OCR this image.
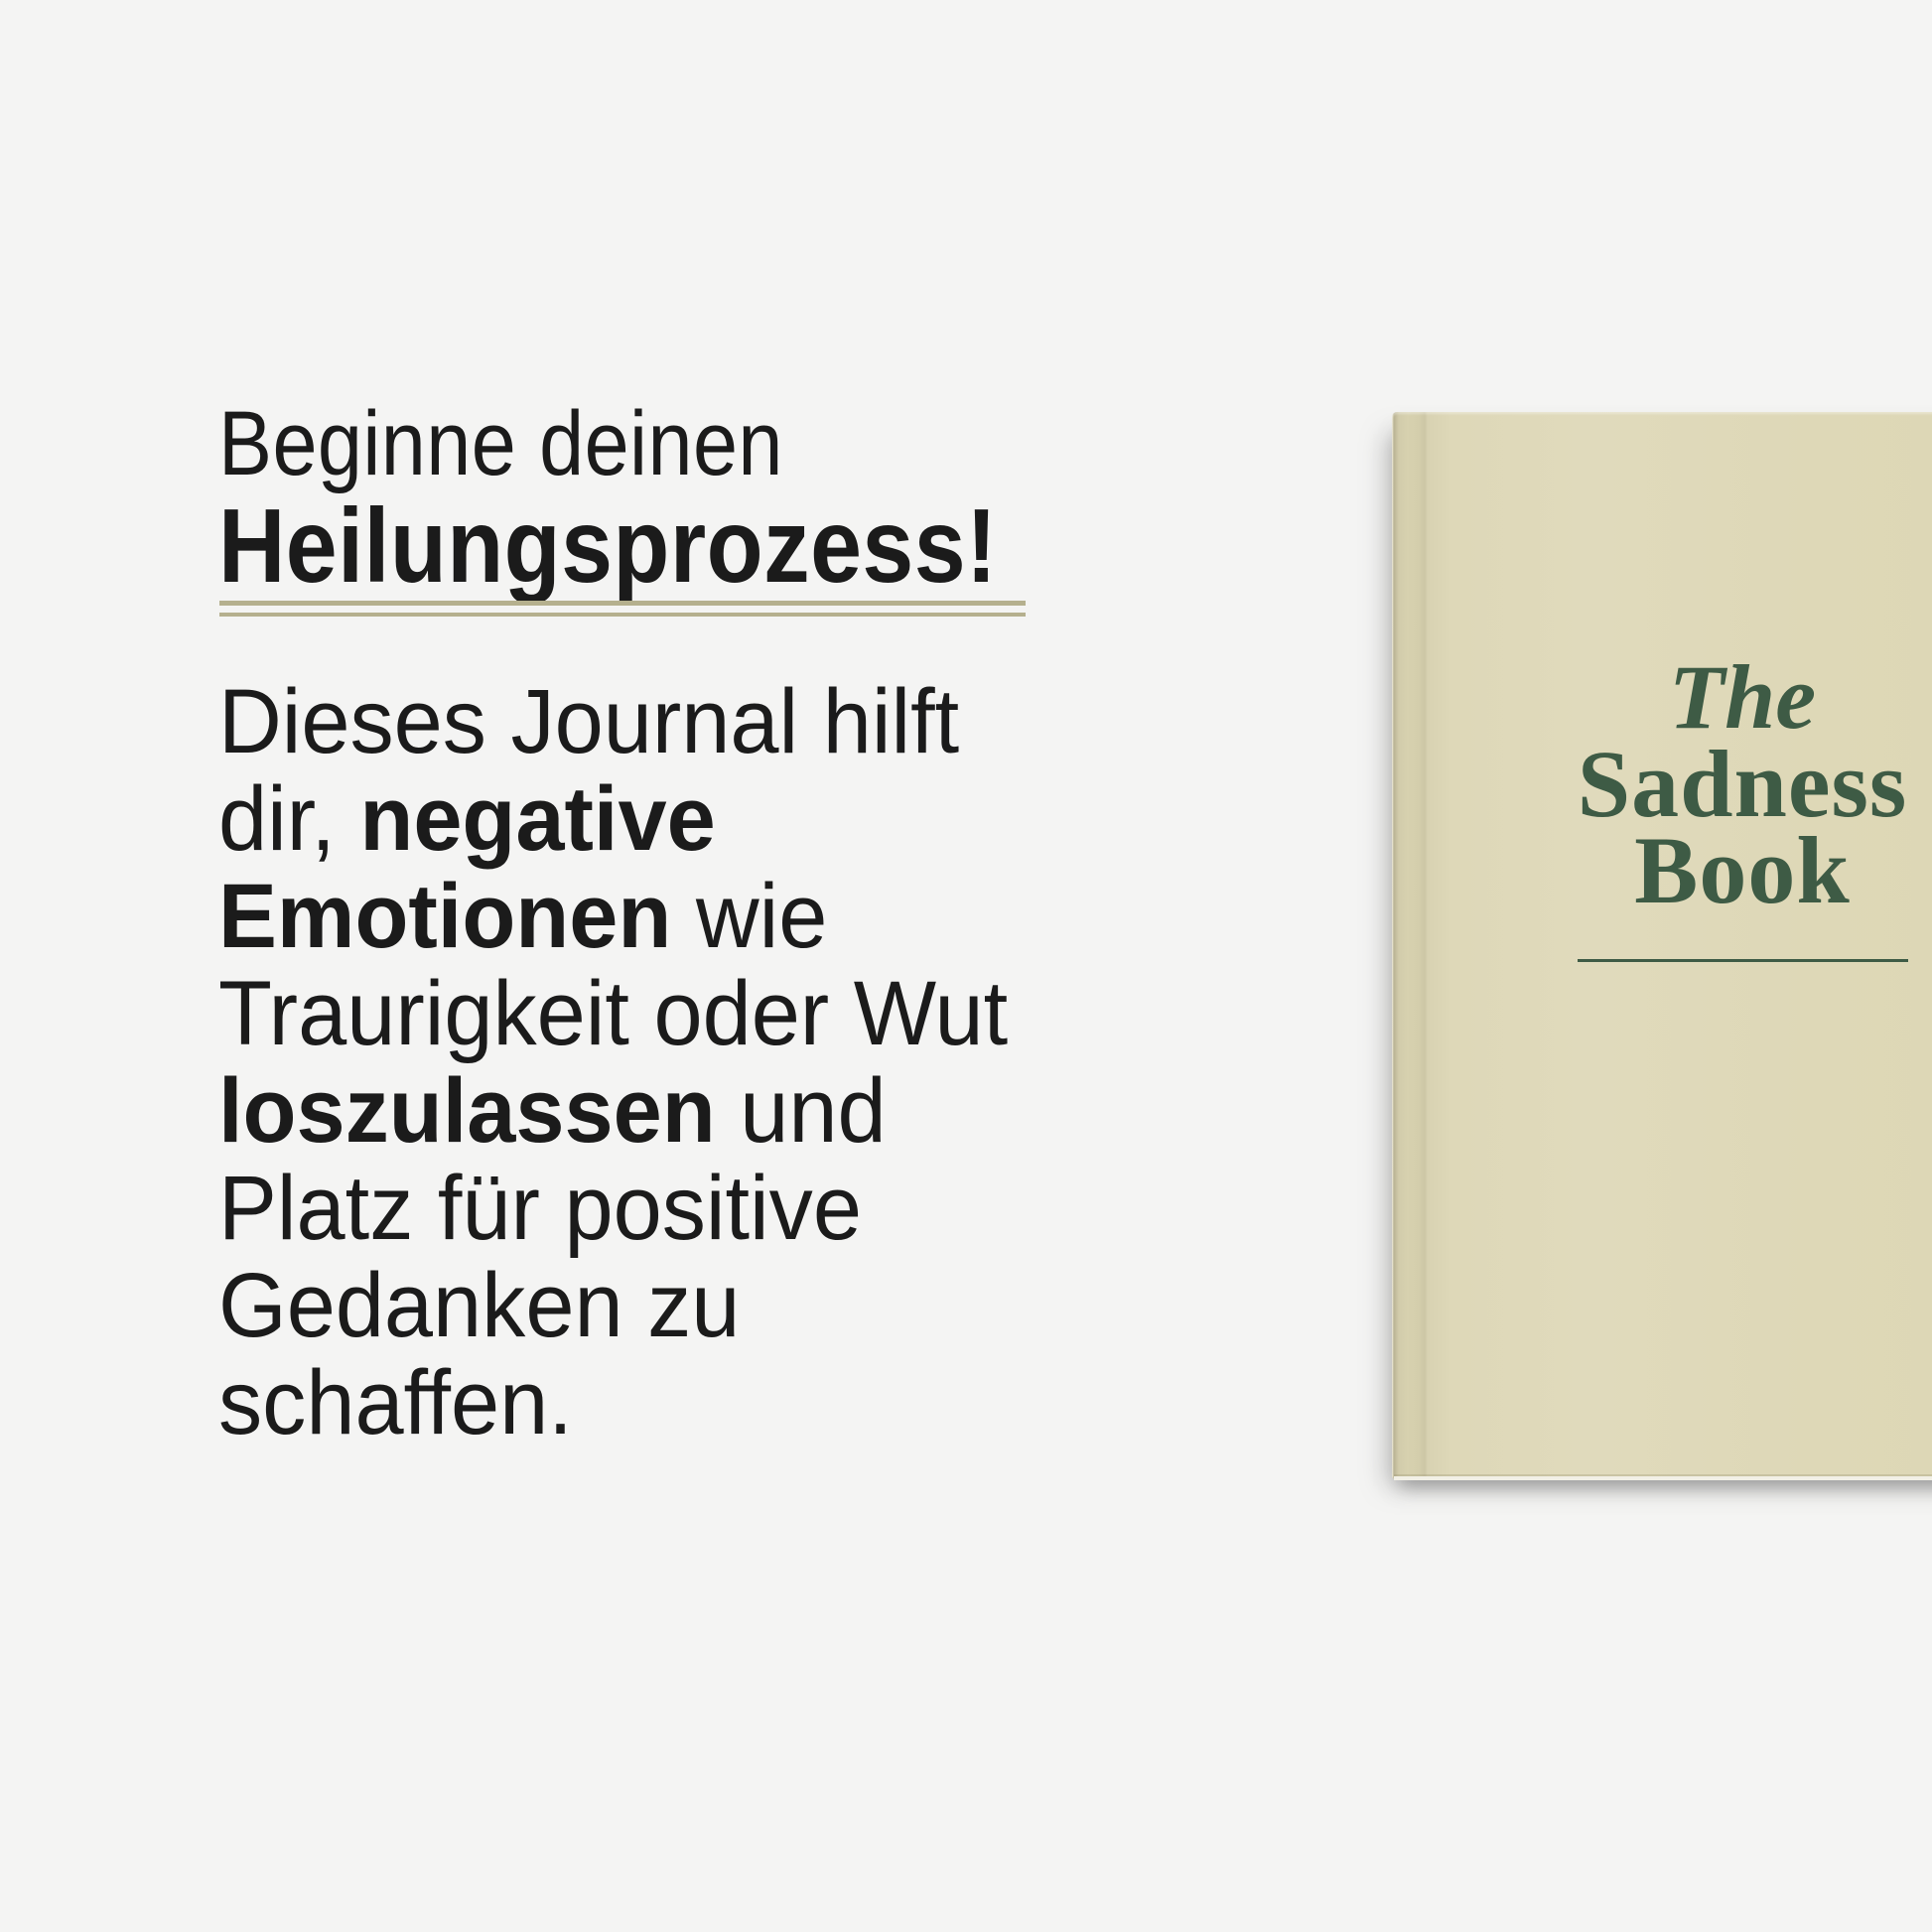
Beginne deinen
Heilungsprozess!
Dieses Journal hilft
dir, negative
Emotionen wie
Traurigkeit oder Wut
loszulassen und
Platz für positive
Gedanken zu
schaffen.
The
Sadness
Book
